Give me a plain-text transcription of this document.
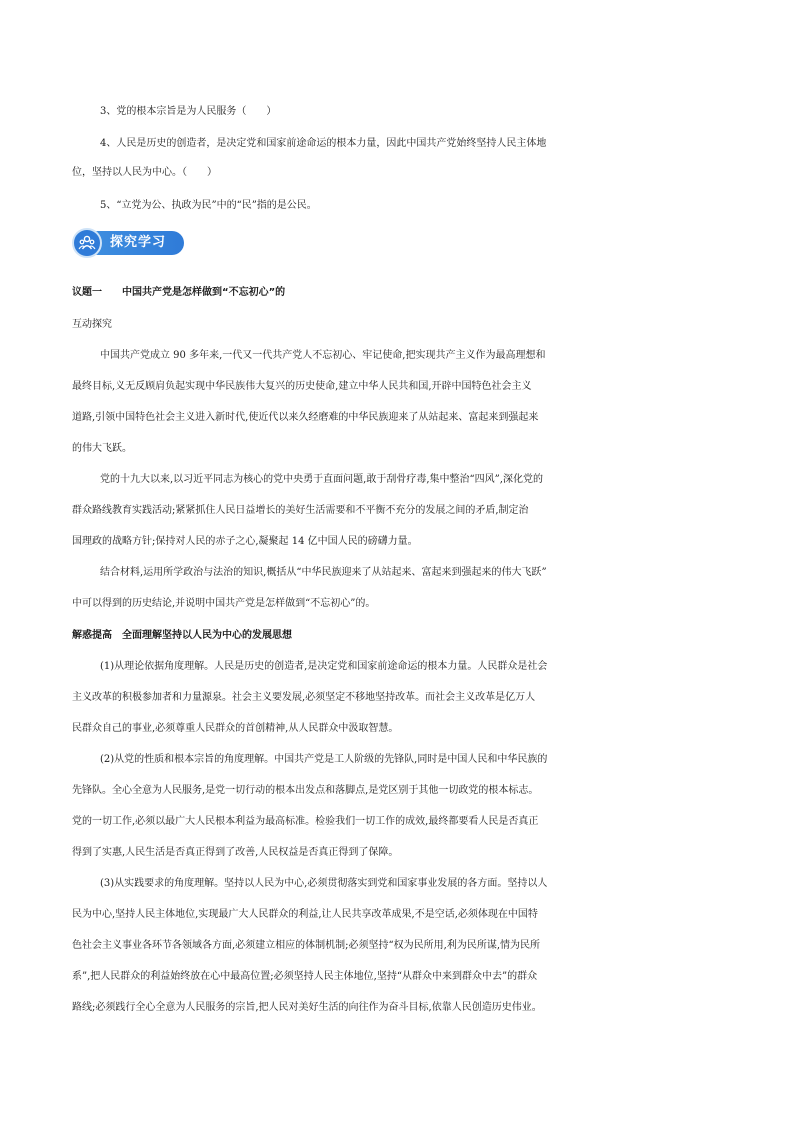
3、党的根本宗旨是为人民服务（　　）
4、人民是历史的创造者，是决定党和国家前途命运的根本力量，因此中国共产党始终坚持人民主体地
位，坚持以人民为中心。（　　）
5、“立党为公、执政为民”中的“民”指的是公民。
探究学习
议题一　　中国共产党是怎样做到“不忘初心”的
互动探究
中国共产党成立 90 多年来,一代又一代共产党人不忘初心、牢记使命,把实现共产主义作为最高理想和
最终目标,义无反顾肩负起实现中华民族伟大复兴的历史使命,建立中华人民共和国,开辟中国特色社会主义
道路,引领中国特色社会主义进入新时代,使近代以来久经磨难的中华民族迎来了从站起来、富起来到强起来
的伟大飞跃。
党的十九大以来,以习近平同志为核心的党中央勇于直面问题,敢于刮骨疗毒,集中整治“四风”,深化党的
群众路线教育实践活动;紧紧抓住人民日益增长的美好生活需要和不平衡不充分的发展之间的矛盾,制定治
国理政的战略方针;保持对人民的赤子之心,凝聚起 14 亿中国人民的磅礴力量。
结合材料,运用所学政治与法治的知识,概括从“中华民族迎来了从站起来、富起来到强起来的伟大飞跃”
中可以得到的历史结论,并说明中国共产党是怎样做到“不忘初心”的。
解惑提高　全面理解坚持以人民为中心的发展思想
(1)从理论依据角度理解。人民是历史的创造者,是决定党和国家前途命运的根本力量。人民群众是社会
主义改革的积极参加者和力量源泉。社会主义要发展,必须坚定不移地坚持改革。而社会主义改革是亿万人
民群众自己的事业,必须尊重人民群众的首创精神,从人民群众中汲取智慧。
(2)从党的性质和根本宗旨的角度理解。中国共产党是工人阶级的先锋队,同时是中国人民和中华民族的
先锋队。全心全意为人民服务,是党一切行动的根本出发点和落脚点,是党区别于其他一切政党的根本标志。
党的一切工作,必须以最广大人民根本利益为最高标准。检验我们一切工作的成效,最终都要看人民是否真正
得到了实惠,人民生活是否真正得到了改善,人民权益是否真正得到了保障。
(3)从实践要求的角度理解。坚持以人民为中心,必须贯彻落实到党和国家事业发展的各方面。坚持以人
民为中心,坚持人民主体地位,实现最广大人民群众的利益,让人民共享改革成果,不是空话,必须体现在中国特
色社会主义事业各环节各领域各方面,必须建立相应的体制机制;必须坚持“权为民所用,利为民所谋,情为民所
系”,把人民群众的利益始终放在心中最高位置;必须坚持人民主体地位,坚持“从群众中来到群众中去”的群众
路线;必须践行全心全意为人民服务的宗旨,把人民对美好生活的向往作为奋斗目标,依靠人民创造历史伟业。
